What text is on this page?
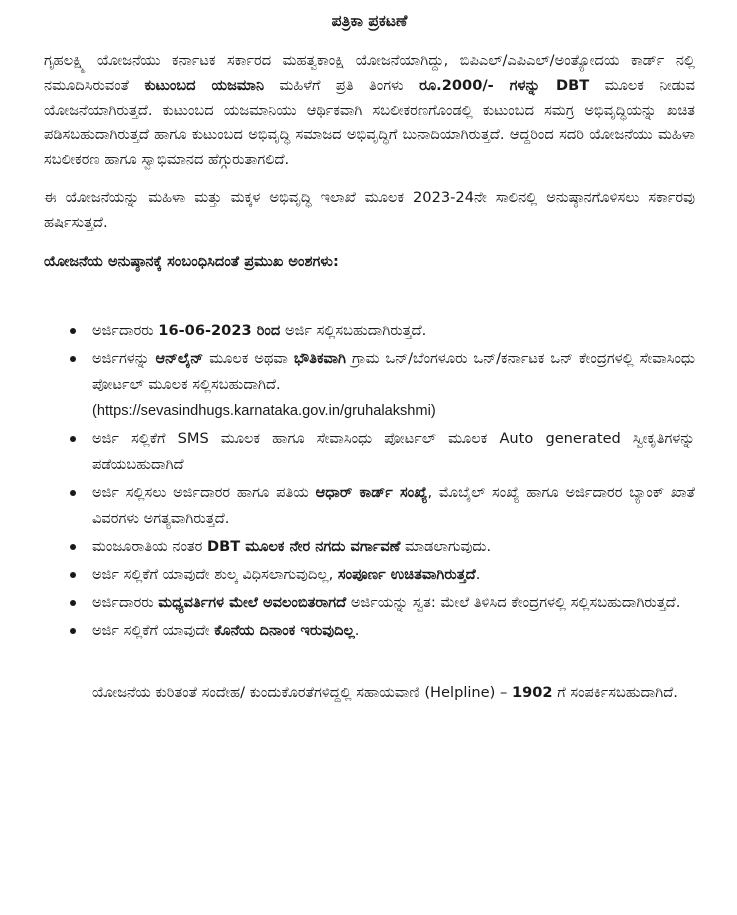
ಪತ್ರಿಕಾ ಪ್ರಕಟಣೆ

ಗೃಹಲಕ್ಷ್ಮಿ ಯೋಜನೆಯು ಕರ್ನಾಟಕ ಸರ್ಕಾರದ ಮಹತ್ವಕಾಂಕ್ಷಿ ಯೋಜನೆಯಾಗಿದ್ದು, ಬಿಪಿಎಲ್/ಎಪಿಎಲ್/ಅಂತ್ಯೋದಯ ಕಾರ್ಡ್ ನಲ್ಲಿ ನಮೂದಿಸಿರುವಂತೆ ಕುಟುಂಬದ ಯಜಮಾನಿ ಮಹಿಳೆಗೆ ಪ್ರತಿ ತಿಂಗಳು ರೂ.2000/- ಗಳನ್ನು DBT ಮೂಲಕ ನೀಡುವ ಯೋಜನೆಯಾಗಿರುತ್ತದೆ. ಕುಟುಂಬದ ಯಜಮಾನಿಯು ಆರ್ಥಿಕವಾಗಿ ಸಬಲೀಕರಣಗೊಂಡಲ್ಲಿ ಕುಟುಂಬದ ಸಮಗ್ರ ಅಭಿವೃದ್ಧಿಯನ್ನು ಖಚಿತ ಪಡಿಸಬಹುದಾಗಿರುತ್ತದೆ ಹಾಗೂ ಕುಟುಂಬದ ಅಭಿವೃದ್ಧಿ ಸಮಾಜದ ಅಭಿವೃದ್ಧಿಗೆ ಬುನಾದಿಯಾಗಿರುತ್ತದೆ. ಆದ್ದರಿಂದ ಸದರಿ ಯೋಜನೆಯು ಮಹಿಳಾ ಸಬಲೀಕರಣ ಹಾಗೂ ಸ್ವಾಭಿಮಾನದ ಹೆಗ್ಗುರುತಾಗಲಿದೆ.

ಈ ಯೋಜನೆಯನ್ನು ಮಹಿಳಾ ಮತ್ತು ಮಕ್ಕಳ ಅಭಿವೃದ್ಧಿ ಇಲಾಖೆ ಮೂಲಕ 2023-24ನೇ ಸಾಲಿನಲ್ಲಿ ಅನುಷ್ಠಾನಗೊಳಿಸಲು ಸರ್ಕಾರವು ಹರ್ಷಿಸುತ್ತದೆ.

ಯೋಜನೆಯ ಅನುಷ್ಠಾನಕ್ಕೆ ಸಂಬಂಧಿಸಿದಂತೆ ಪ್ರಮುಖ ಅಂಶಗಳು:
ಅರ್ಜಿದಾರರು 16-06-2023 ರಿಂದ ಅರ್ಜಿ ಸಲ್ಲಿಸಬಹುದಾಗಿರುತ್ತದೆ.
ಅರ್ಜಿಗಳನ್ನು ಆನ್‌ಲೈನ್ ಮೂಲಕ ಅಥವಾ ಭೌತಿಕವಾಗಿ ಗ್ರಾಮ ಒನ್/ಬೆಂಗಳೂರು ಒನ್/ಕರ್ನಾಟಕ ಒನ್ ಕೇಂದ್ರಗಳಲ್ಲಿ ಸೇವಾಸಿಂಧು ಪೋರ್ಟಲ್ ಮೂಲಕ ಸಲ್ಲಿಸಬಹುದಾಗಿದೆ.
(https://sevasindhugs.karnataka.gov.in/gruhalakshmi)
ಅರ್ಜಿ ಸಲ್ಲಿಕೆಗೆ SMS ಮೂಲಕ ಹಾಗೂ ಸೇವಾಸಿಂಧು ಪೋರ್ಟಲ್ ಮೂಲಕ Auto generated ಸ್ವೀಕೃತಿಗಳನ್ನು ಪಡೆಯಬಹುದಾಗಿದೆ
ಅರ್ಜಿ ಸಲ್ಲಿಸಲು ಅರ್ಜಿದಾರರ ಹಾಗೂ ಪತಿಯ ಆಧಾರ್ ಕಾರ್ಡ್ ಸಂಖ್ಯೆ, ಮೊಬೈಲ್ ಸಂಖ್ಯೆ ಹಾಗೂ ಅರ್ಜಿದಾರರ ಬ್ಯಾಂಕ್ ಖಾತೆ ವಿವರಗಳು ಅಗತ್ಯವಾಗಿರುತ್ತದೆ.
ಮಂಜೂರಾತಿಯ ನಂತರ DBT ಮೂಲಕ ನೇರ ನಗದು ವರ್ಗಾವಣೆ ಮಾಡಲಾಗುವುದು.
ಅರ್ಜಿ ಸಲ್ಲಿಕೆಗೆ ಯಾವುದೇ ಶುಲ್ಕ ವಿಧಿಸಲಾಗುವುದಿಲ್ಲ, ಸಂಪೂರ್ಣ ಉಚಿತವಾಗಿರುತ್ತದೆ.
ಅರ್ಜಿದಾರರು ಮಧ್ಯವರ್ತಿಗಳ ಮೇಲೆ ಅವಲಂಬಿತರಾಗದೆ ಅರ್ಜಿಯನ್ನು ಸ್ವತ: ಮೇಲೆ ತಿಳಿಸಿದ ಕೇಂದ್ರಗಳಲ್ಲಿ ಸಲ್ಲಿಸಬಹುದಾಗಿರುತ್ತದೆ.
ಅರ್ಜಿ ಸಲ್ಲಿಕೆಗೆ ಯಾವುದೇ ಕೊನೆಯ ದಿನಾಂಕ ಇರುವುದಿಲ್ಲ.

ಯೋಜನೆಯ ಕುರಿತಂತೆ ಸಂದೇಹ/ ಕುಂದುಕೊರತೆಗಳಿದ್ದಲ್ಲಿ ಸಹಾಯವಾಣಿ (Helpline) – 1902 ಗೆ ಸಂಪರ್ಕಿಸಬಹುದಾಗಿದೆ.
